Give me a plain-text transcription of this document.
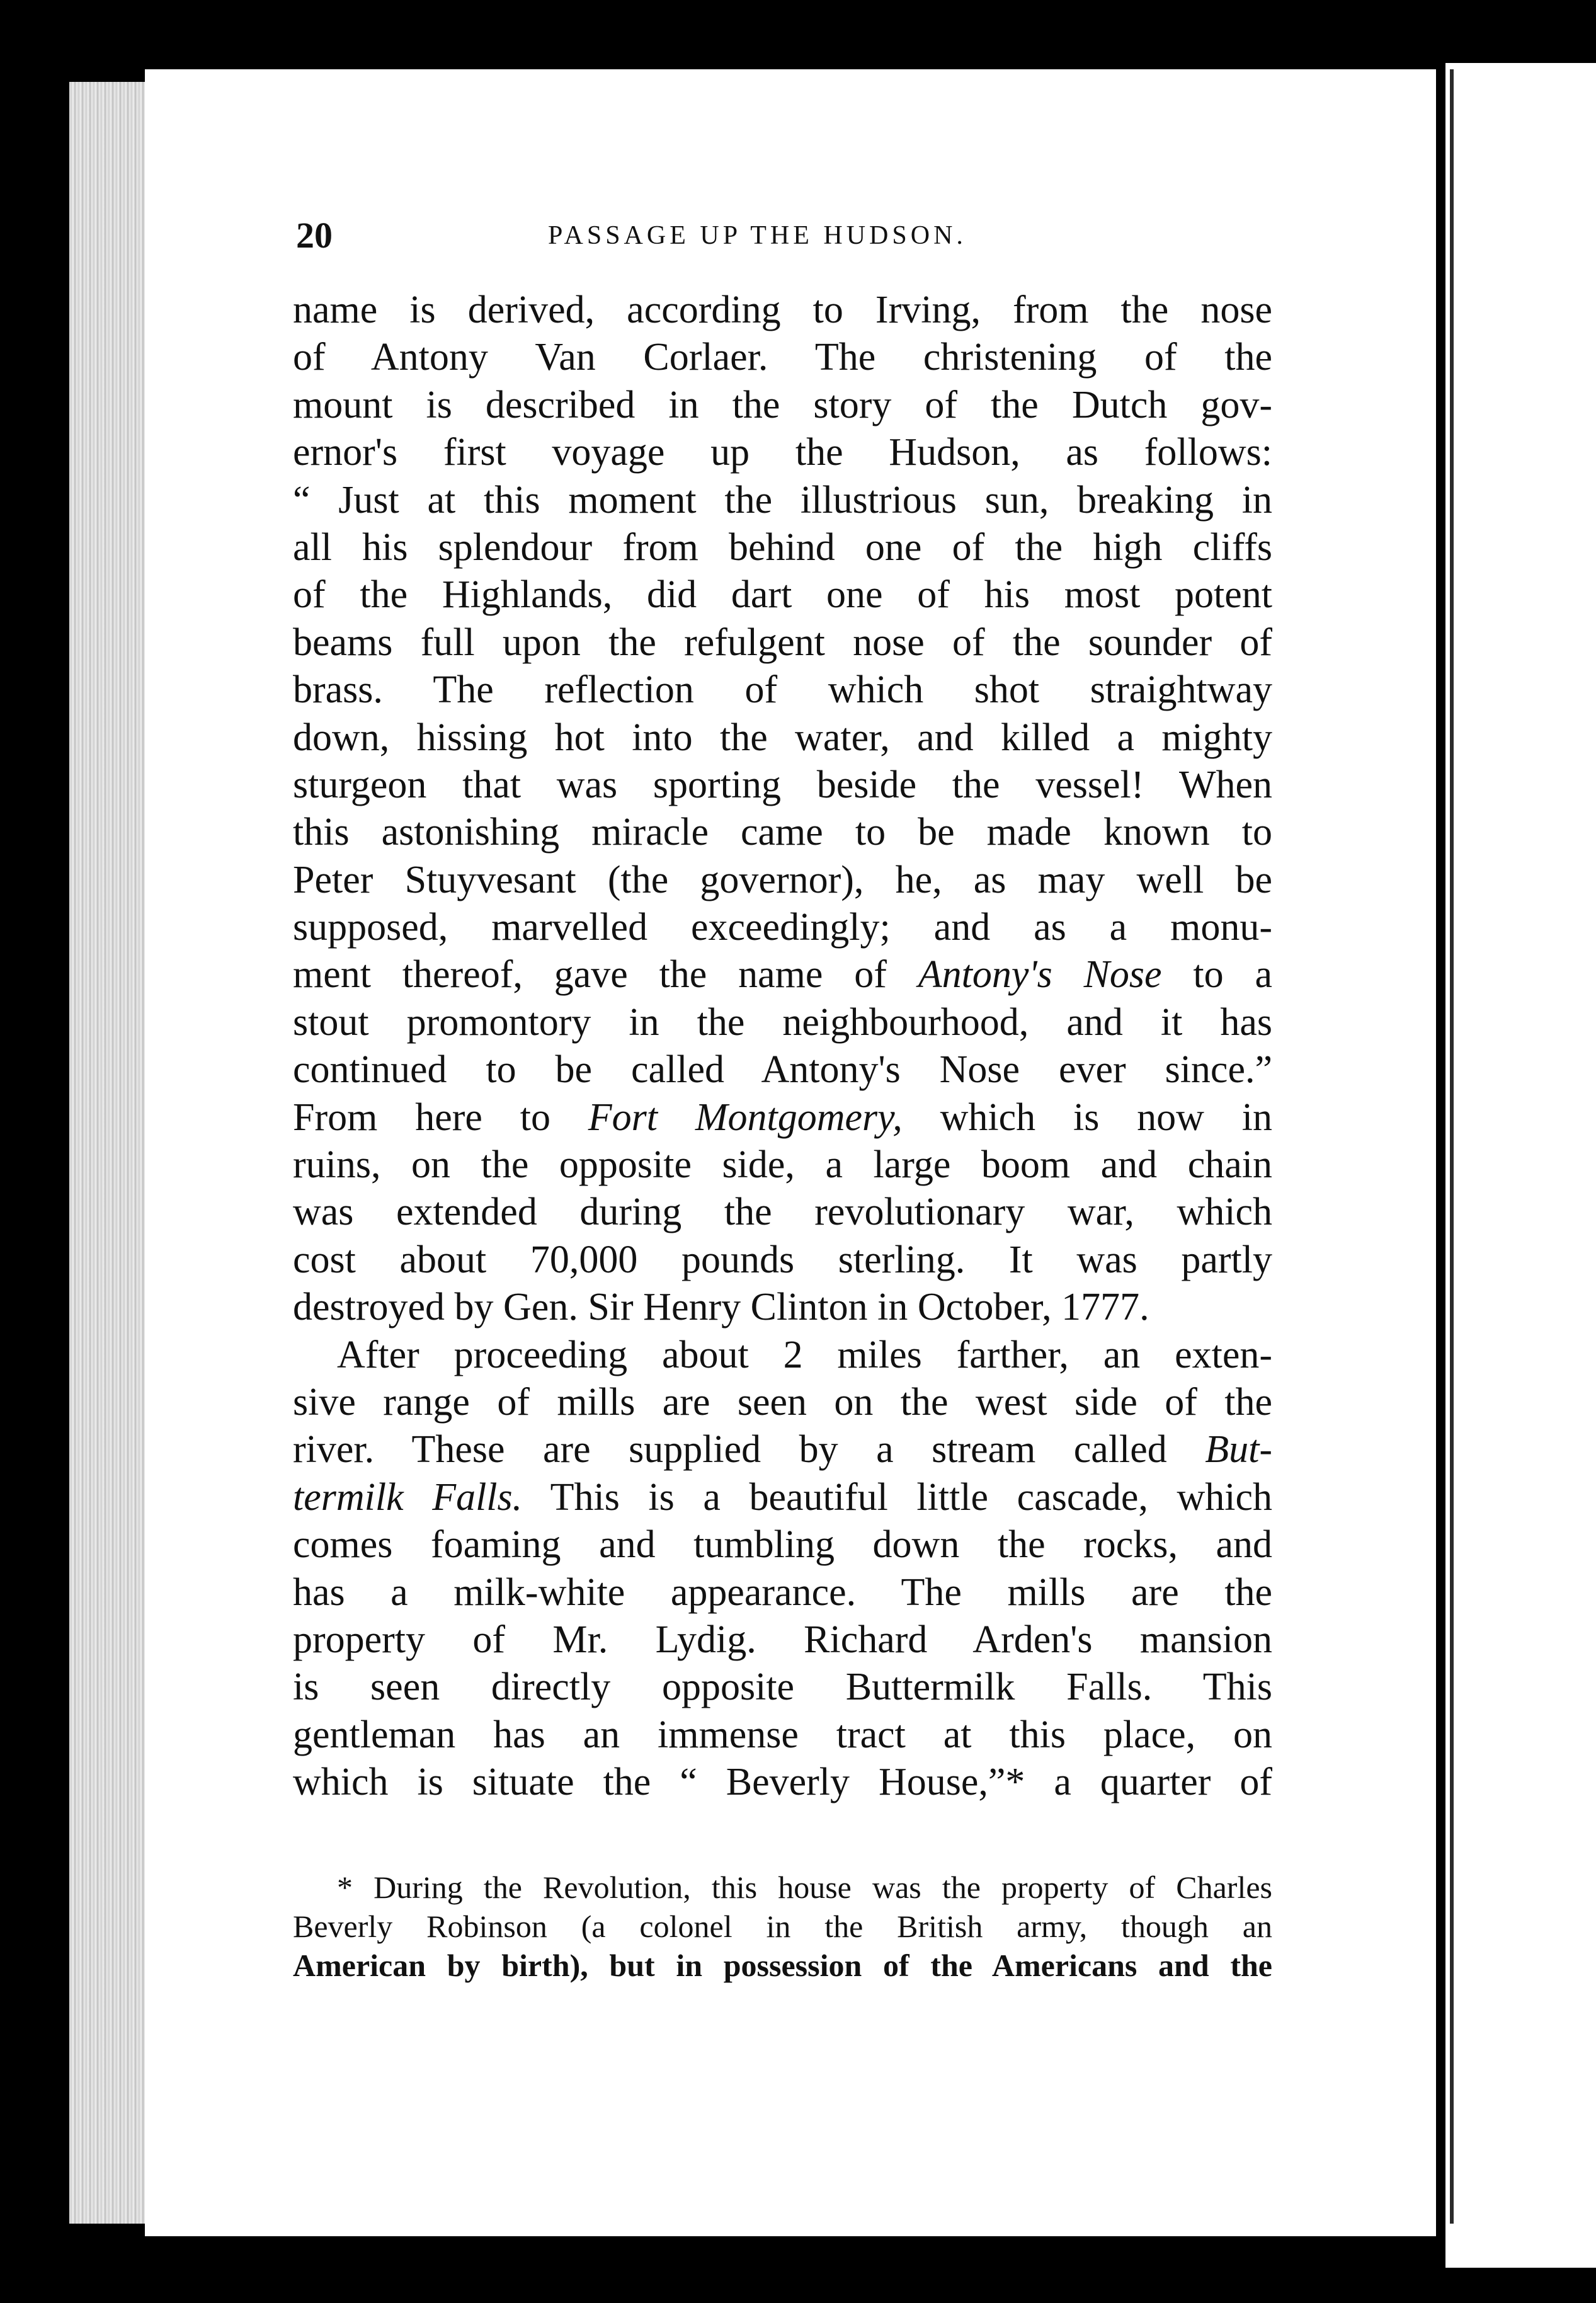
20	PASSAGE UP THE HUDSON.
name is derived, according to Irving, from the nose
of Antony Van Corlaer. The christening of the
mount is described in the story of the Dutch gov-
ernor's first voyage up the Hudson, as follows:
“ Just at this moment the illustrious sun, breaking in
all his splendour from behind one of the high cliffs
of the Highlands, did dart one of his most potent
beams full upon the refulgent nose of the sounder of
brass. The reflection of which shot straightway
down, hissing hot into the water, and killed a mighty
sturgeon that was sporting beside the vessel! When
this astonishing miracle came to be made known to
Peter Stuyvesant (the governor), he, as may well be
supposed, marvelled exceedingly; and as a monu-
ment thereof, gave the name of Antony's Nose to a
stout promontory in the neighbourhood, and it has
continued to be called Antony's Nose ever since.”
From here to Fort Montgomery, which is now in
ruins, on the opposite side, a large boom and chain
was extended during the revolutionary war, which
cost about 70,000 pounds sterling. It was partly
destroyed by Gen. Sir Henry Clinton in October, 1777.
After proceeding about 2 miles farther, an exten-
sive range of mills are seen on the west side of the
river. These are supplied by a stream called But-
termilk Falls. This is a beautiful little cascade, which
comes foaming and tumbling down the rocks, and
has a milk-white appearance. The mills are the
property of Mr. Lydig. Richard Arden's mansion
is seen directly opposite Buttermilk Falls. This
gentleman has an immense tract at this place, on
which is situate the “ Beverly House,”* a quarter of
* During the Revolution, this house was the property of Charles
Beverly Robinson (a colonel in the British army, though an
American by birth), but in possession of the Americans and the
